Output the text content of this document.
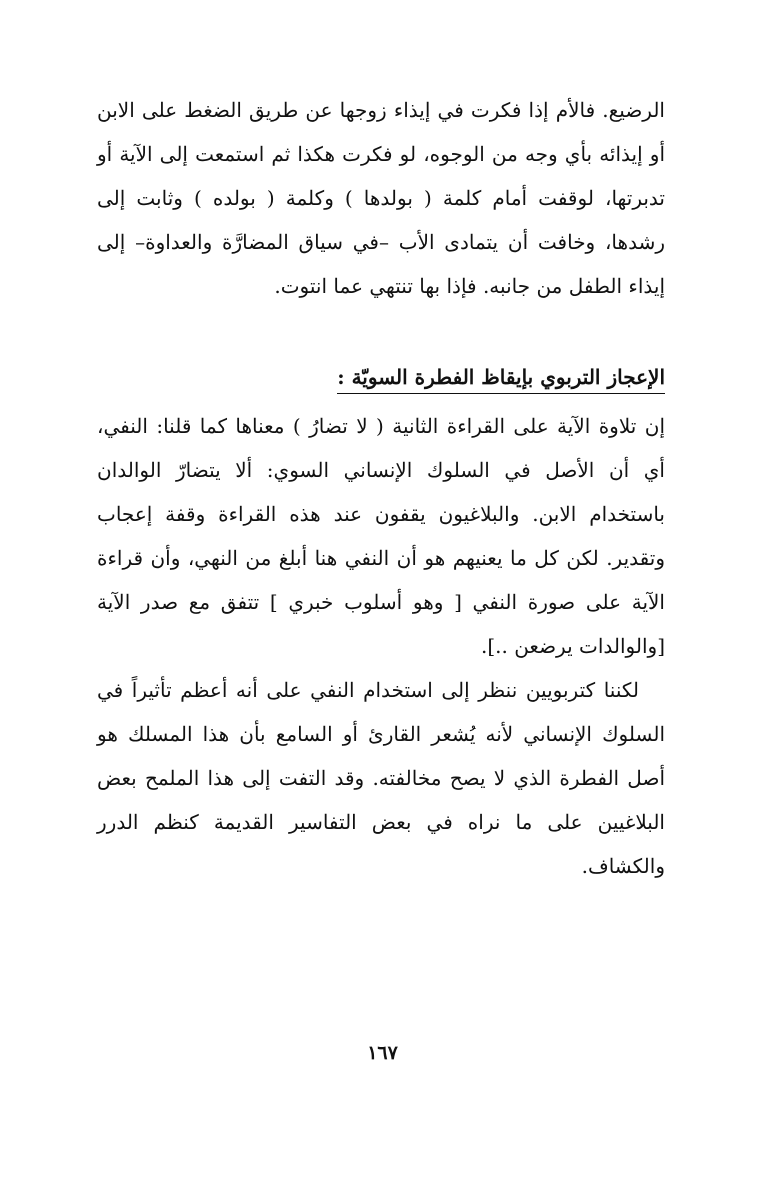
الرضيع. فالأم إذا فكرت في إيذاء زوجها عن طريق الضغط على الابن أو إيذائه بأي وجه من الوجوه، لو فكرت هكذا ثم استمعت إلى الآية أو تدبرتها، لوقفت أمام كلمة ( بولدها ) وكلمة ( بولده ) وثابت إلى رشدها، وخافت أن يتمادى الأب –في سياق المضارَّة والعداوة– إلى إيذاء الطفل من جانبه. فإذا بها تنتهي عما انتوت.

الإعجاز التربوي بإيقاظ الفطرة السويّة :

إن تلاوة الآية على القراءة الثانية ( لا تضارُ ) معناها كما قلنا: النفي، أي أن الأصل في السلوك الإنساني السوي: ألا يتضارّ الوالدان باستخدام الابن. والبلاغيون يقفون عند هذه القراءة وقفة إعجاب وتقدير. لكن كل ما يعنيهم هو أن النفي هنا أبلغ من النهي، وأن قراءة الآية على صورة النفي [ وهو أسلوب خبري ] تتفق مع صدر الآية [والوالدات يرضعن ..].

لكننا كتربويين ننظر إلى استخدام النفي على أنه أعظم تأثيراً في السلوك الإنساني لأنه يُشعر القارئ أو السامع بأن هذا المسلك هو أصل الفطرة الذي لا يصح مخالفته. وقد التفت إلى هذا الملمح بعض البلاغيين على ما نراه في بعض التفاسير القديمة كنظم الدرر والكشاف.

١٦٧
